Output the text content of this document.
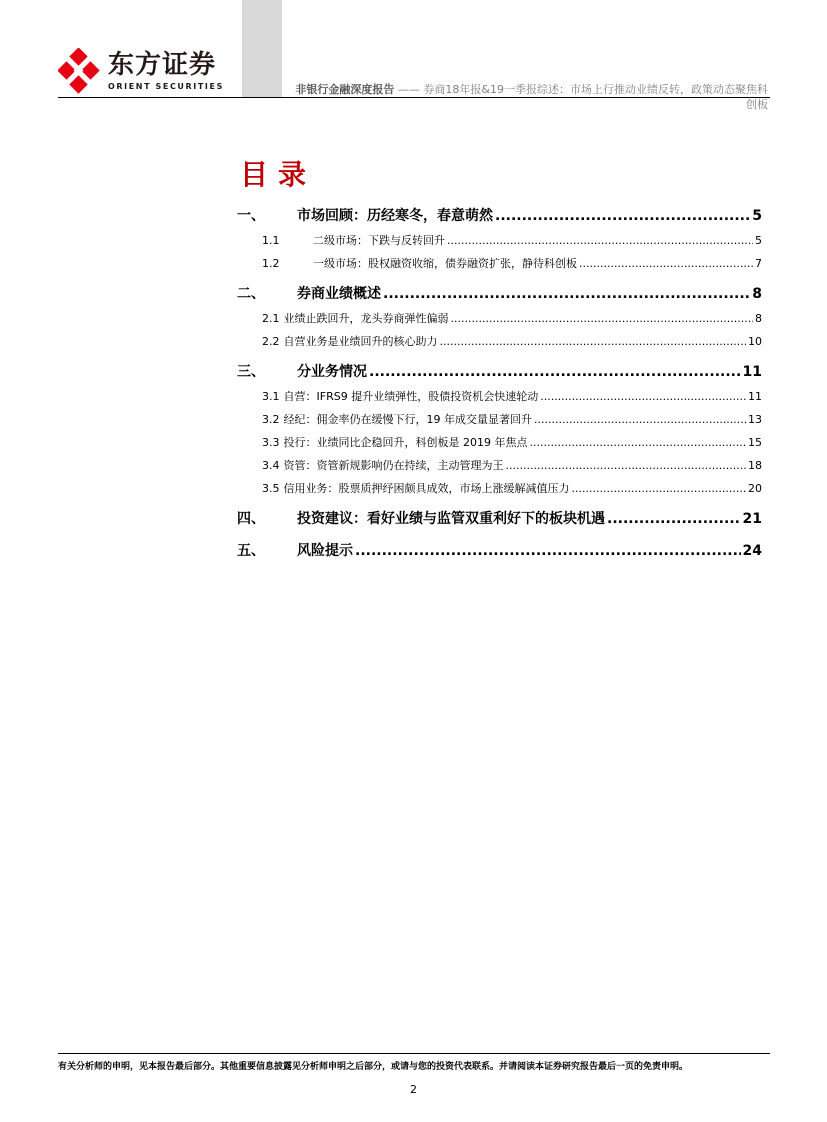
东方证券
ORIENT SECURITIES	非银行金融深度报告 —— 券商18年报&19一季报综述：市场上行推动业绩反转，政策动态聚焦科创板
目录
一、	市场回顾：历经寒冬，春意萌然 .....	5
1.1	二级市场：下跌与反转回升 .....	5
1.2	一级市场：股权融资收缩，债券融资扩张，静待科创板 .....	7
二、	券商业绩概述 .....	8
2.1 业绩止跌回升，龙头券商弹性偏弱 .....	8
2.2 自营业务是业绩回升的核心助力 .....	10
三、	分业务情况 .....	11
3.1 自营：IFRS9 提升业绩弹性，股债投资机会快速轮动 .....	11
3.2 经纪：佣金率仍在缓慢下行，19 年成交量显著回升 .....	13
3.3 投行：业绩同比企稳回升，科创板是 2019 年焦点 .....	15
3.4 资管：资管新规影响仍在持续，主动管理为王 .....	18
3.5 信用业务：股票质押纾困颇具成效，市场上涨缓解减值压力 .....	20
四、	投资建议：看好业绩与监管双重利好下的板块机遇 .....	21
五、	风险提示 .....	24
有关分析师的申明，见本报告最后部分。其他重要信息披露见分析师申明之后部分，或请与您的投资代表联系。并请阅读本证券研究报告最后一页的免责申明。
2
